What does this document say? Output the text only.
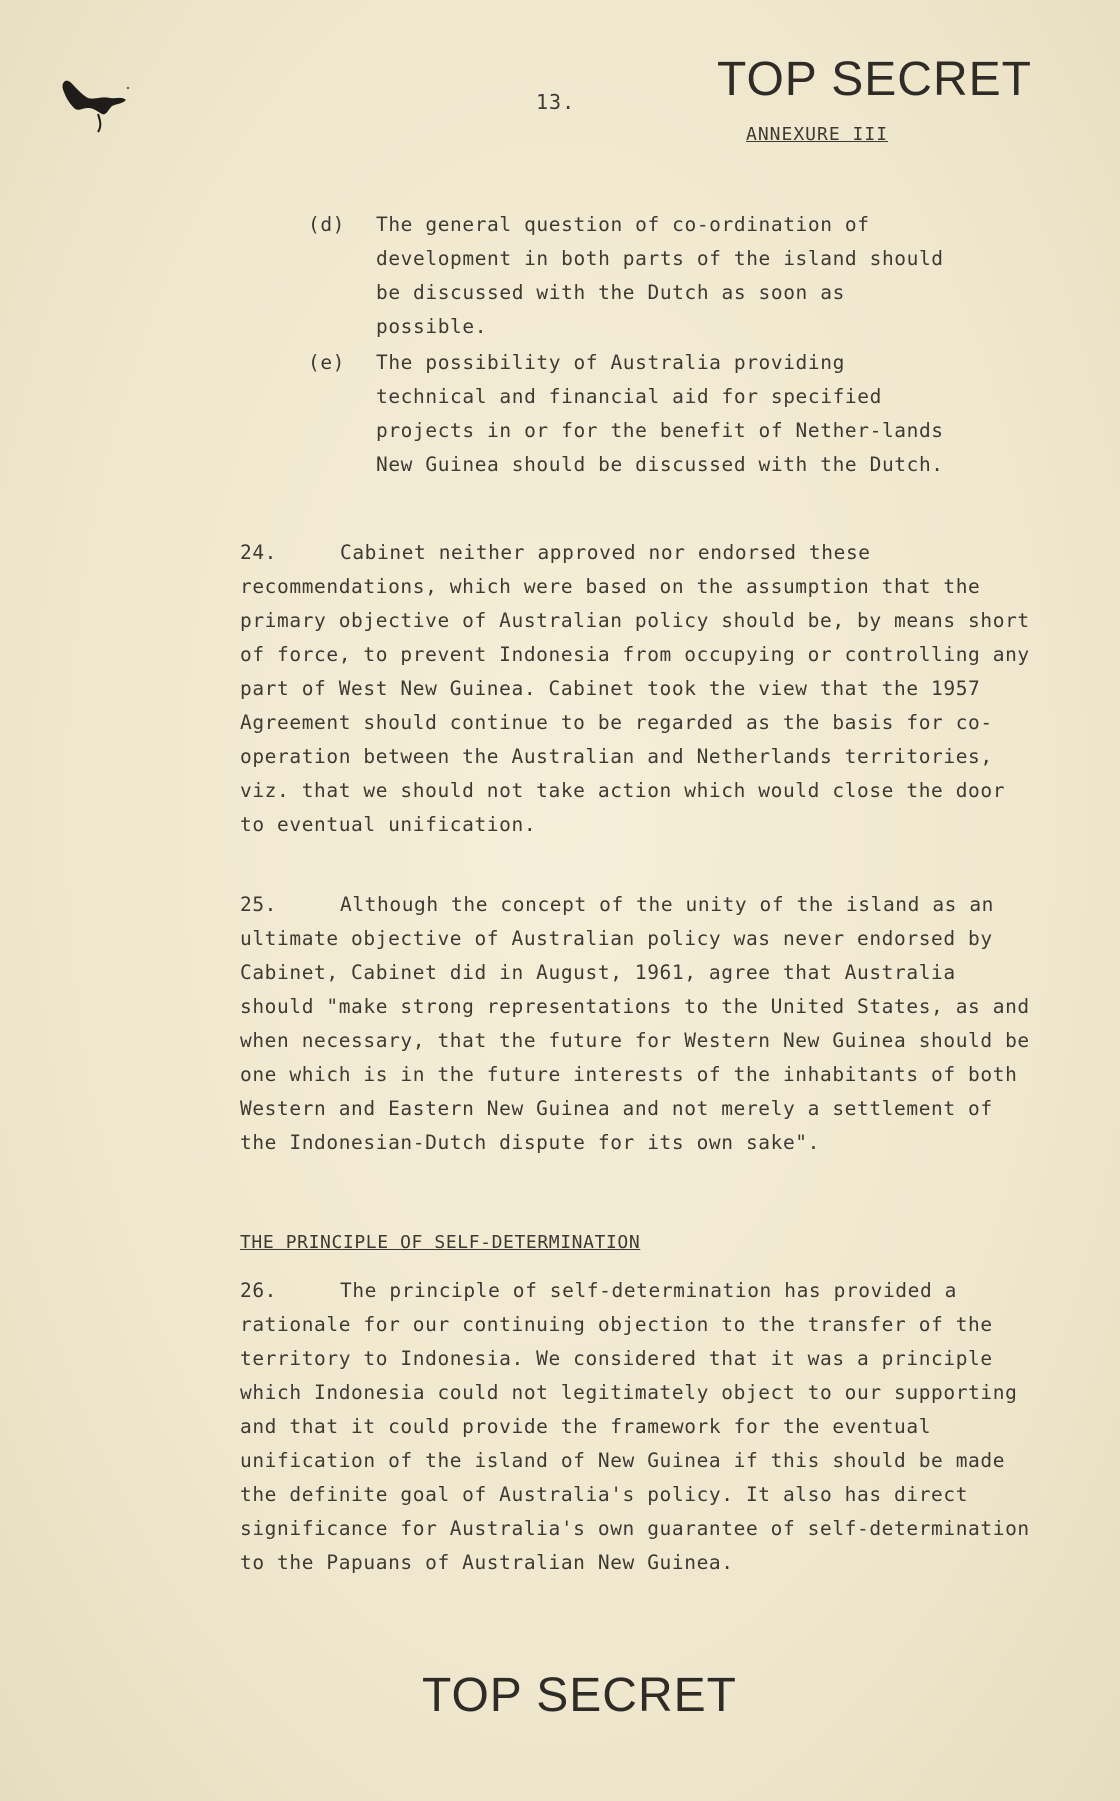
13.	TOP SECRET
ANNEXURE III
(d) The general question of co-ordination of development in both parts of the island should be discussed with the Dutch as soon as possible.
(e) The possibility of Australia providing technical and financial aid for specified projects in or for the benefit of Nether-lands New Guinea should be discussed with the Dutch.
24.	Cabinet neither approved nor endorsed these recommendations, which were based on the assumption that the primary objective of Australian policy should be, by means short of force, to prevent Indonesia from occupying or controlling any part of West New Guinea. Cabinet took the view that the 1957 Agreement should continue to be regarded as the basis for co-operation between the Australian and Netherlands territories, viz. that we should not take action which would close the door to eventual unification.
25.	Although the concept of the unity of the island as an ultimate objective of Australian policy was never endorsed by Cabinet, Cabinet did in August, 1961, agree that Australia should "make strong representations to the United States, as and when necessary, that the future for Western New Guinea should be one which is in the future interests of the inhabitants of both Western and Eastern New Guinea and not merely a settlement of the Indonesian-Dutch dispute for its own sake".
THE PRINCIPLE OF SELF-DETERMINATION
26.	The principle of self-determination has provided a rationale for our continuing objection to the transfer of the territory to Indonesia. We considered that it was a principle which Indonesia could not legitimately object to our supporting and that it could provide the framework for the eventual unification of the island of New Guinea if this should be made the definite goal of Australia's policy. It also has direct significance for Australia's own guarantee of self-determination to the Papuans of Australian New Guinea.
TOP SECRET
